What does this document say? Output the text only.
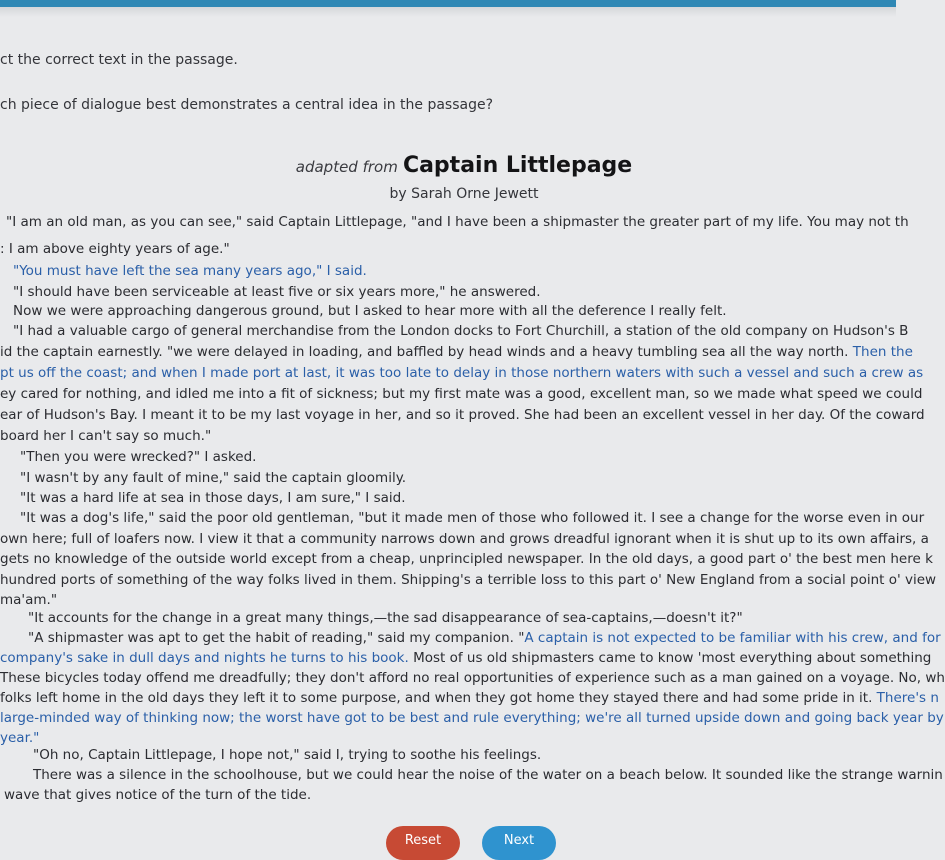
ct the correct text in the passage.
ch piece of dialogue best demonstrates a central idea in the passage?
adapted from Captain Littlepage
by Sarah Orne Jewett
"I am an old man, as you can see," said Captain Littlepage, "and I have been a shipmaster the greater part of my life. You may not th
: I am above eighty years of age."
"You must have left the sea many years ago," I said.
"I should have been serviceable at least five or six years more," he answered.
Now we were approaching dangerous ground, but I asked to hear more with all the deference I really felt.
"I had a valuable cargo of general merchandise from the London docks to Fort Churchill, a station of the old company on Hudson's B
id the captain earnestly. "we were delayed in loading, and baffled by head winds and a heavy tumbling sea all the way north. Then the
pt us off the coast; and when I made port at last, it was too late to delay in those northern waters with such a vessel and such a crew as
ey cared for nothing, and idled me into a fit of sickness; but my first mate was a good, excellent man, so we made what speed we could
ear of Hudson's Bay. I meant it to be my last voyage in her, and so it proved. She had been an excellent vessel in her day. Of the coward
board her I can't say so much."
"Then you were wrecked?" I asked.
"I wasn't by any fault of mine," said the captain gloomily.
"It was a hard life at sea in those days, I am sure," I said.
"It was a dog's life," said the poor old gentleman, "but it made men of those who followed it. I see a change for the worse even in our
own here; full of loafers now. I view it that a community narrows down and grows dreadful ignorant when it is shut up to its own affairs, a
gets no knowledge of the outside world except from a cheap, unprincipled newspaper. In the old days, a good part o' the best men here k
hundred ports of something of the way folks lived in them. Shipping's a terrible loss to this part o' New England from a social point o' view
ma'am."
"It accounts for the change in a great many things,—the sad disappearance of sea-captains,—doesn't it?"
"A shipmaster was apt to get the habit of reading," said my companion. "A captain is not expected to be familiar with his crew, and for
company's sake in dull days and nights he turns to his book. Most of us old shipmasters came to know 'most everything about something
These bicycles today offend me dreadfully; they don't afford no real opportunities of experience such as a man gained on a voyage. No, wh
folks left home in the old days they left it to some purpose, and when they got home they stayed there and had some pride in it. There's n
large-minded way of thinking now; the worst have got to be best and rule everything; we're all turned upside down and going back year by
year."
"Oh no, Captain Littlepage, I hope not," said I, trying to soothe his feelings.
There was a silence in the schoolhouse, but we could hear the noise of the water on a beach below. It sounded like the strange warnin
wave that gives notice of the turn of the tide.
Reset	Next
